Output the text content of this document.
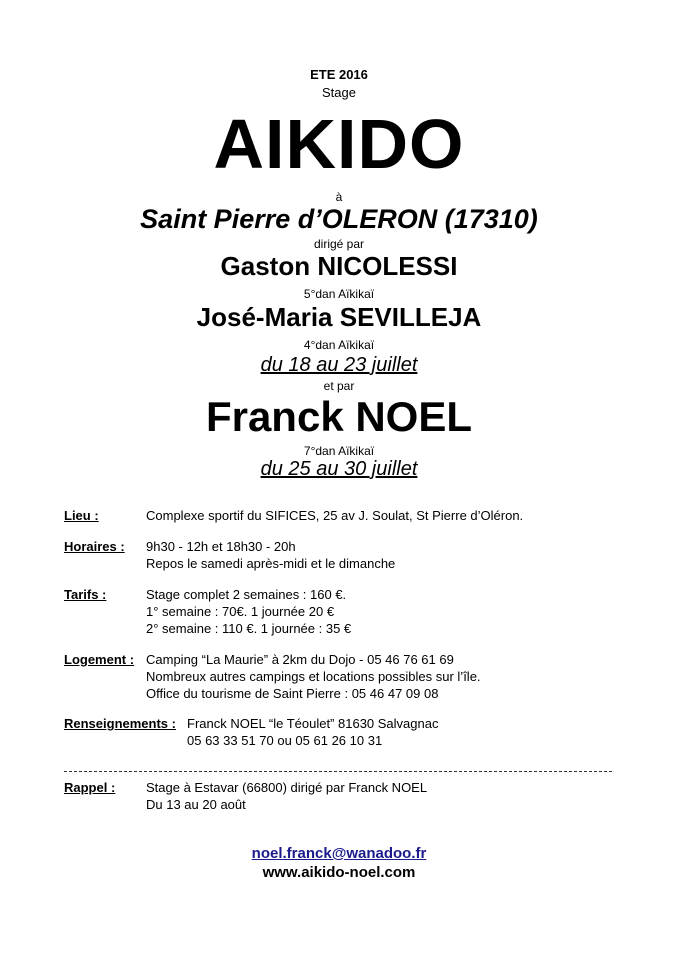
ETE 2016
Stage
AIKIDO
à
Saint Pierre d’OLERON (17310)
dirigé par
Gaston NICOLESSI
5°dan Aïkikaï
José-Maria SEVILLEJA
4°dan Aïkikaï
du 18 au 23 juillet
et par
Franck NOEL
7°dan Aïkikaï
du 25 au 30 juillet
Lieu :	Complexe sportif du SIFICES, 25 av J. Soulat, St Pierre d’Oléron.
Horaires : 9h30 - 12h et 18h30 - 20h
Repos le samedi après-midi et le dimanche
Tarifs :	Stage complet 2 semaines : 160 €.
1° semaine : 70€. 1 journée 20 €
2° semaine : 110 €. 1 journée : 35 €
Logement : Camping “La Maurie” à 2km du Dojo - 05 46 76 61 69
Nombreux autres campings et locations possibles sur l’île.
Office du tourisme de Saint Pierre : 05 46 47 09 08
Renseignements : Franck NOEL “le Téoulet” 81630 Salvagnac
05 63 33 51 70 ou 05 61 26 10 31
Rappel : Stage à Estavar (66800) dirigé par Franck NOEL
Du 13 au 20 août
noel.franck@wanadoo.fr
www.aikido-noel.com
